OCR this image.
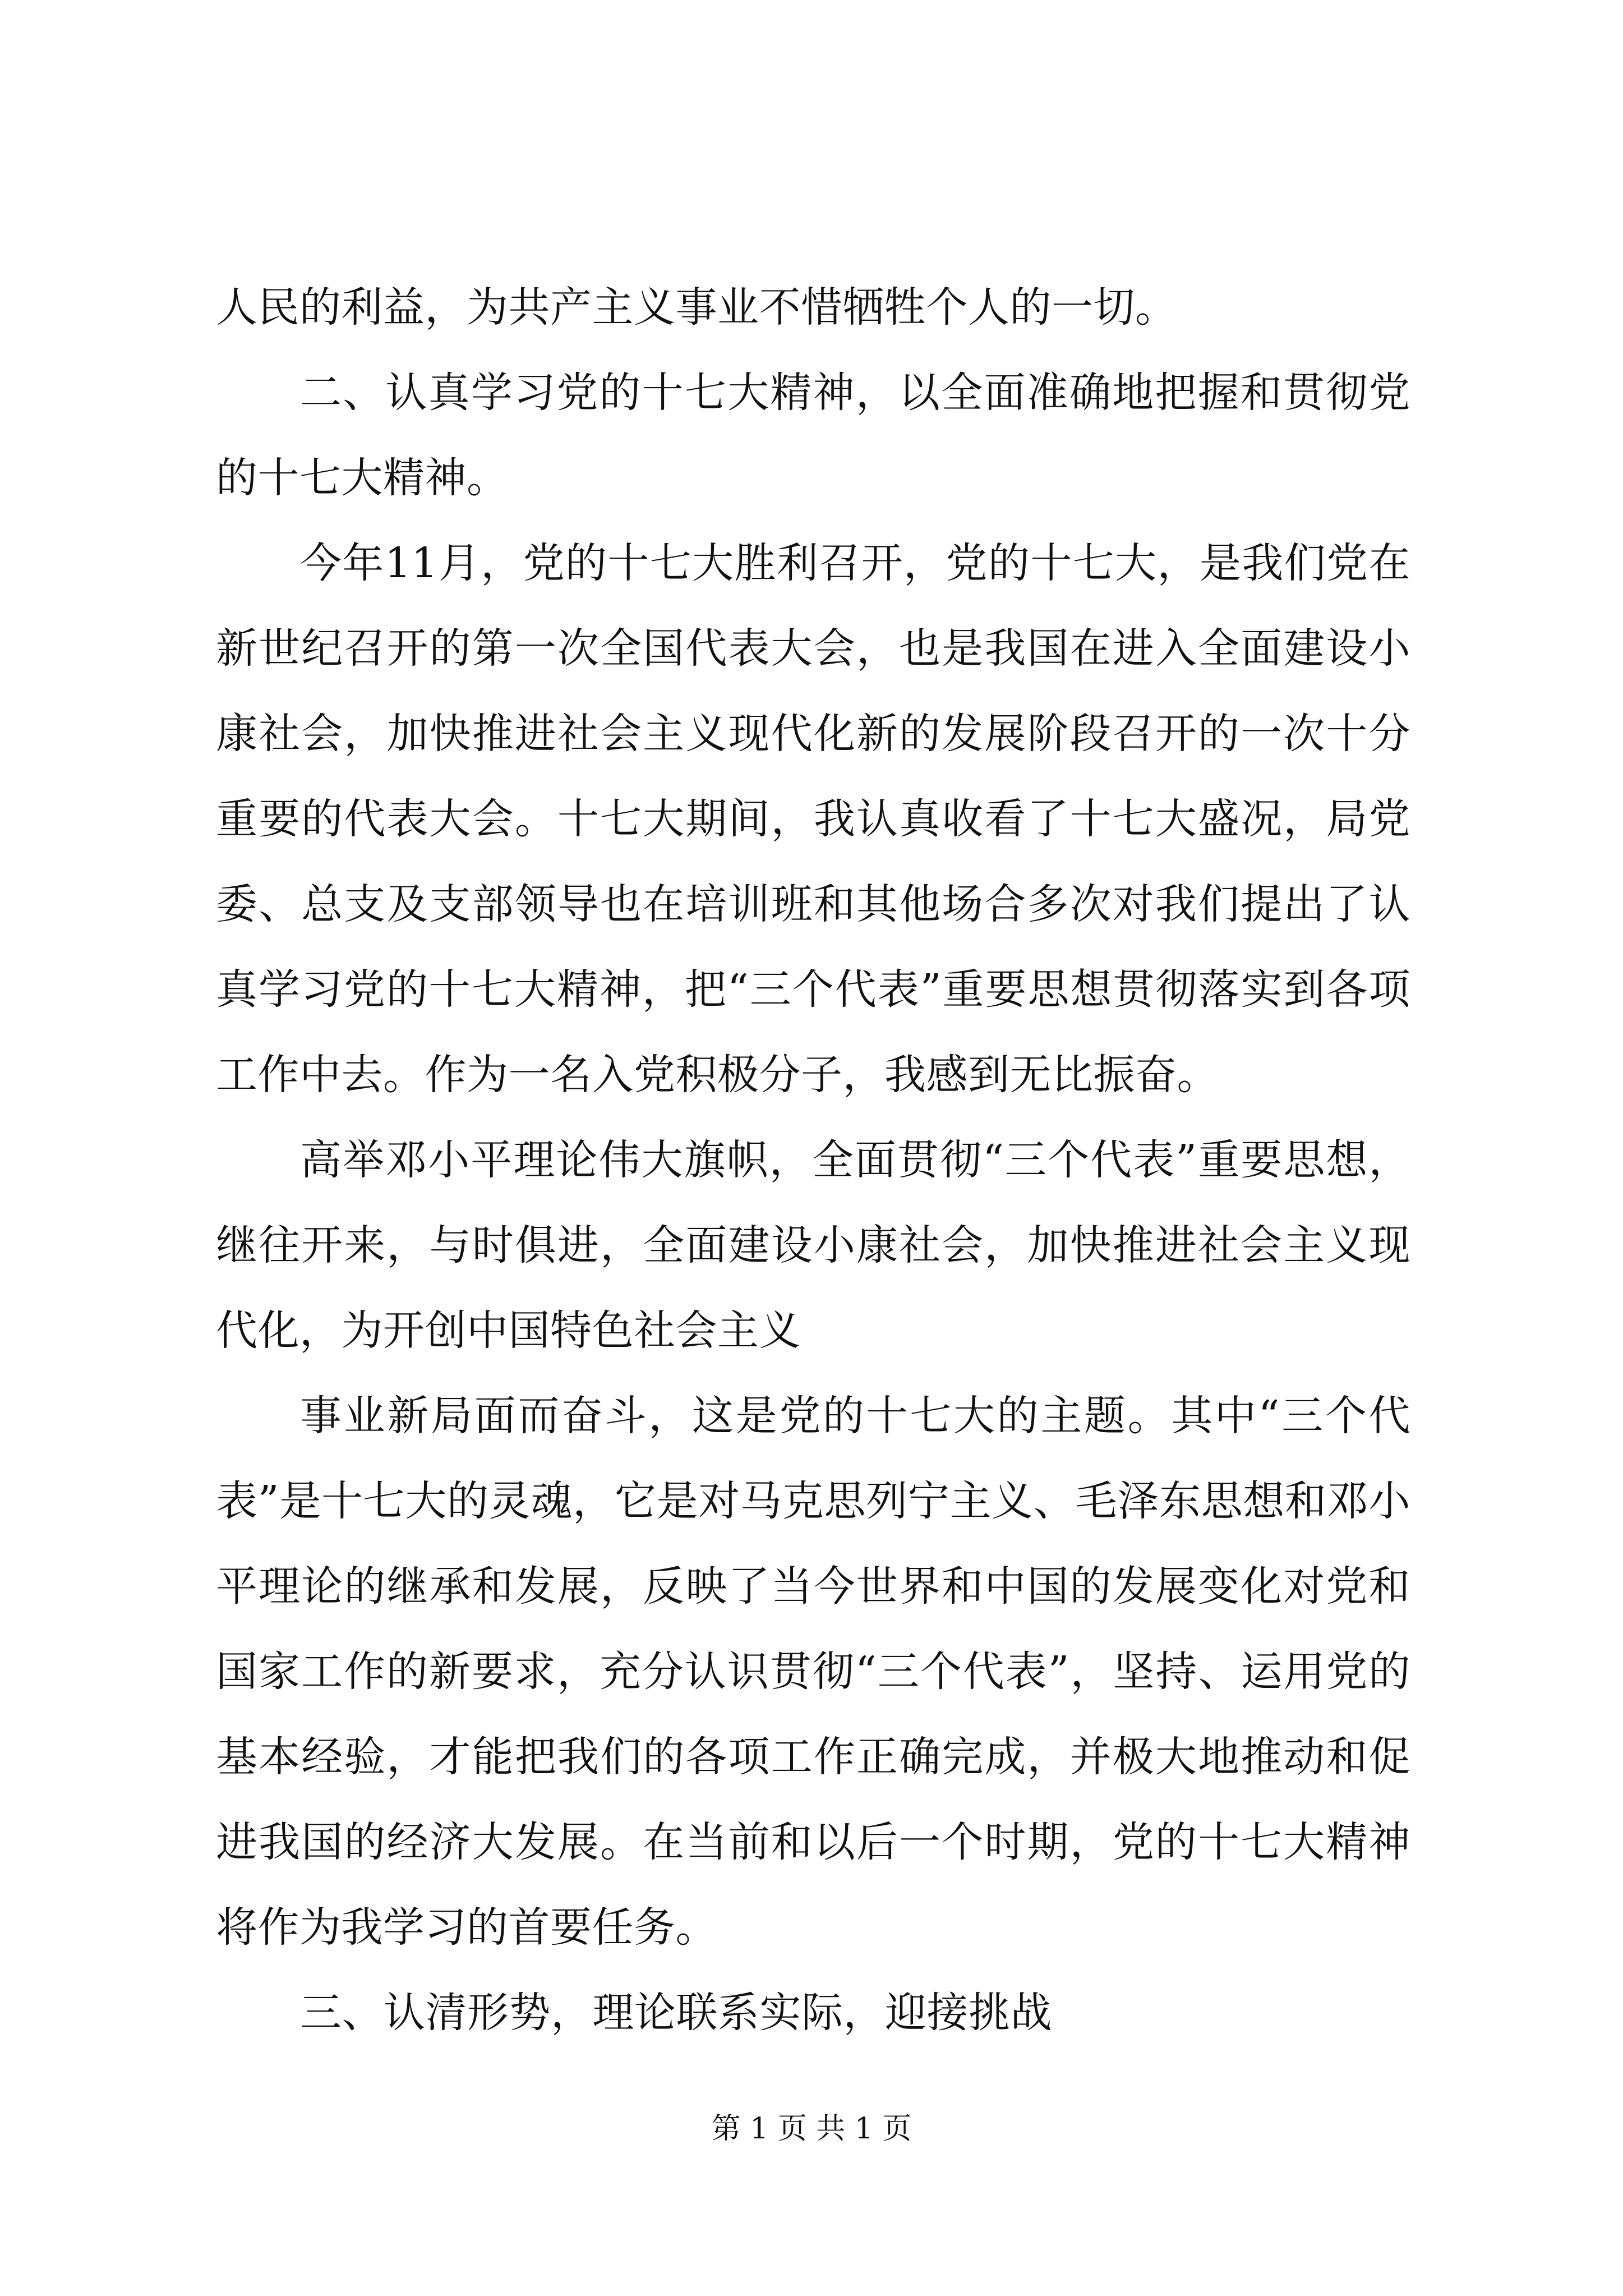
人民的利益，为共产主义事业不惜牺牲个人的一切。

二、认真学习党的十七大精神，以全面准确地把握和贯彻党的十七大精神。

今年11月，党的十七大胜利召开，党的十七大，是我们党在新世纪召开的第一次全国代表大会，也是我国在进入全面建设小康社会，加快推进社会主义现代化新的发展阶段召开的一次十分重要的代表大会。十七大期间，我认真收看了十七大盛况，局党委、总支及支部领导也在培训班和其他场合多次对我们提出了认真学习党的十七大精神，把“三个代表”重要思想贯彻落实到各项工作中去。作为一名入党积极分子，我感到无比振奋。

高举邓小平理论伟大旗帜，全面贯彻“三个代表”重要思想，继往开来，与时俱进，全面建设小康社会，加快推进社会主义现代化，为开创中国特色社会主义

事业新局面而奋斗，这是党的十七大的主题。其中“三个代表”是十七大的灵魂，它是对马克思列宁主义、毛泽东思想和邓小平理论的继承和发展，反映了当今世界和中国的发展变化对党和国家工作的新要求，充分认识贯彻“三个代表”，坚持、运用党的基本经验，才能把我们的各项工作正确完成，并极大地推动和促进我国的经济大发展。在当前和以后一个时期，党的十七大精神将作为我学习的首要任务。

三、认清形势，理论联系实际，迎接挑战

第 1 页 共 1 页
